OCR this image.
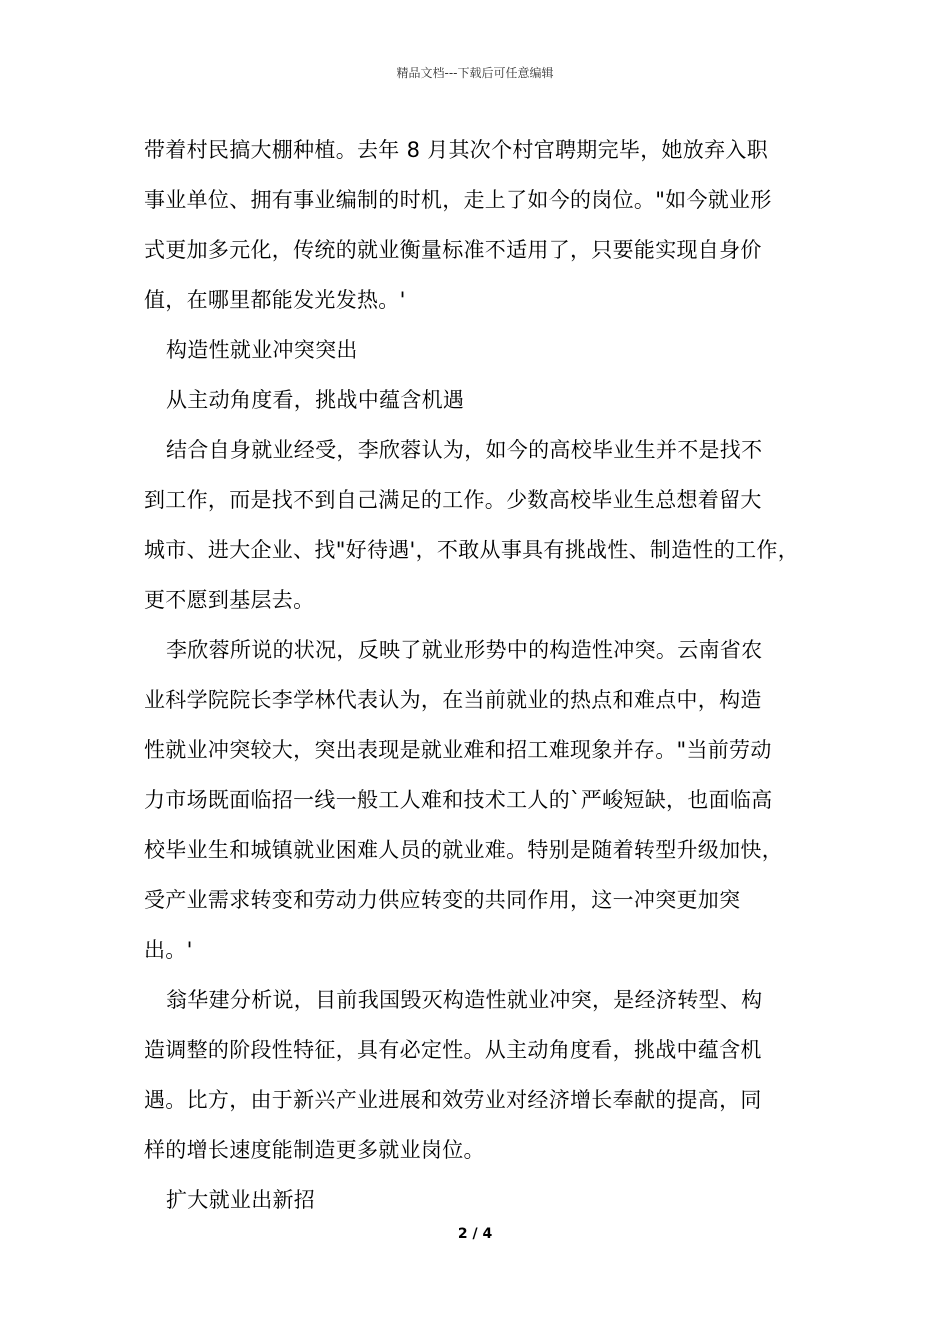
精品文档---下载后可任意编辑
带着村民搞大棚种植。去年 8 月其次个村官聘期完毕，她放弃入职
事业单位、拥有事业编制的时机，走上了如今的岗位。"如今就业形
式更加多元化，传统的就业衡量标准不适用了，只要能实现自身价
值，在哪里都能发光发热。'
构造性就业冲突突出
从主动角度看，挑战中蕴含机遇
结合自身就业经受，李欣蓉认为，如今的高校毕业生并不是找不
到工作，而是找不到自己满足的工作。少数高校毕业生总想着留大
城市、进大企业、找"好待遇'，不敢从事具有挑战性、制造性的工作，
更不愿到基层去。
李欣蓉所说的状况，反映了就业形势中的构造性冲突。云南省农
业科学院院长李学林代表认为，在当前就业的热点和难点中，构造
性就业冲突较大，突出表现是就业难和招工难现象并存。"当前劳动
力市场既面临招一线一般工人难和技术工人的`严峻短缺，也面临高
校毕业生和城镇就业困难人员的就业难。特别是随着转型升级加快，
受产业需求转变和劳动力供应转变的共同作用，这一冲突更加突
出。'
翁华建分析说，目前我国毁灭构造性就业冲突，是经济转型、构
造调整的阶段性特征，具有必定性。从主动角度看，挑战中蕴含机
遇。比方，由于新兴产业进展和效劳业对经济增长奉献的提高，同
样的增长速度能制造更多就业岗位。
扩大就业出新招
2 / 4
